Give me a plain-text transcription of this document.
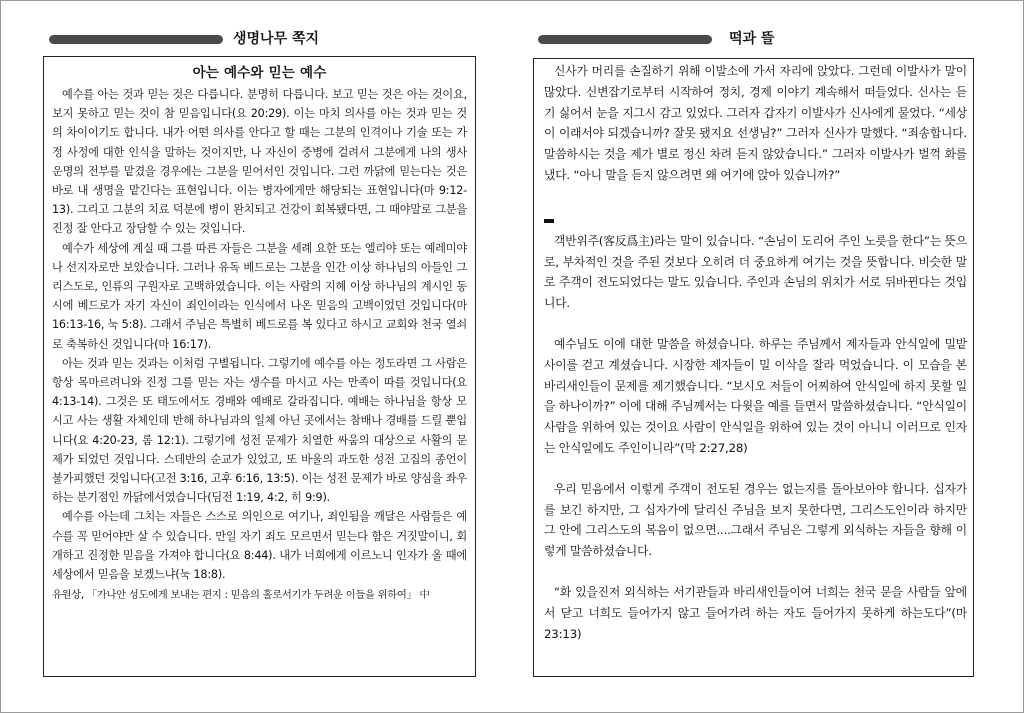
생명나무 쪽지	떡과 뜰
아는 예수와 믿는 예수

예수를 아는 것과 믿는 것은 다릅니다. 분명히 다릅니다. 보고 믿는 것은 아는 것이요, 보지 못하고 믿는 것이 참 믿음입니다(요 20:29). 이는 마치 의사를 아는 것과 믿는 것의 차이이기도 합니다. 내가 어떤 의사를 안다고 할 때는 그분의 인격이나 기술 또는 가정 사정에 대한 인식을 말하는 것이지만, 나 자신이 중병에 걸려서 그분에게 나의 생사 운명의 전부를 맡겼을 경우에는 그분을 믿어서인 것입니다. 그런 까닭에 믿는다는 것은 바로 내 생명을 맡긴다는 표현입니다. 이는 병자에게만 해당되는 표현입니다(마 9:12-13). 그리고 그분의 치료 덕분에 병이 완치되고 건강이 회복됐다면, 그 때야말로 그분을 진정 잘 안다고 장담할 수 있는 것입니다.

예수가 세상에 계실 때 그를 따른 자들은 그분을 세례 요한 또는 엘리야 또는 예레미야나 선지자로만 보았습니다. 그러나 유독 베드로는 그분을 인간 이상 하나님의 아들인 그리스도로, 인류의 구원자로 고백하였습니다. 이는 사람의 지혜 이상 하나님의 계시인 동시에 베드로가 자기 자신이 죄인이라는 인식에서 나온 믿음의 고백이었던 것입니다(마 16:13-16, 눅 5:8). 그래서 주님은 특별히 베드로를 복 있다고 하시고 교회와 천국 열쇠로 축복하신 것입니다(마 16:17).

아는 것과 믿는 것과는 이처럼 구별됩니다. 그렇기에 예수를 아는 정도라면 그 사람은 항상 목마르려니와 진정 그를 믿는 자는 생수를 마시고 사는 만족이 따를 것입니다(요 4:13-14). 그것은 또 태도에서도 경배와 예배로 갈라집니다. 예배는 하나님을 항상 모시고 사는 생활 자체인데 반해 하나님과의 일체 아닌 곳에서는 참배나 경배를 드릴 뿐입니다(요 4:20-23, 롬 12:1). 그렇기에 성전 문제가 치열한 싸움의 대상으로 사활의 문제가 되었던 것입니다. 스데반의 순교가 있었고, 또 바울의 과도한 성전 고집의 종언이 불가피했던 것입니다(고전 3:16, 고후 6:16, 13:5). 이는 성전 문제가 바로 양심을 좌우하는 분기점인 까닭에서였습니다(딤전 1:19, 4:2, 히 9:9).

예수를 아는데 그치는 자들은 스스로 의인으로 여기나, 죄인됨을 깨달은 사람들은 예수를 꼭 믿어야만 살 수 있습니다. 만일 자기 죄도 모르면서 믿는다 함은 거짓말이니, 회개하고 진정한 믿음을 가져야 합니다(요 8:44). 내가 너희에게 이르노니 인자가 올 때에 세상에서 믿음을 보겠느냐(눅 18:8).

유원상, 「가나안 성도에게 보내는 편지 : 믿음의 홀로서기가 두려운 이들을 위하여」 中

신사가 머리를 손질하기 위해 이발소에 가서 자리에 앉았다. 그런데 이발사가 말이 많았다. 신변잡기로부터 시작하여 정치, 경제 이야기 계속해서 떠들었다. 신사는 듣기 싫어서 눈을 지그시 감고 있었다. 그러자 갑자기 이발사가 신사에게 물었다. “세상이 이래서야 되겠습니까? 잘못 됐지요 선생님?” 그러자 신사가 말했다. “죄송합니다. 말씀하시는 것을 제가 별로 정신 차려 듣지 않았습니다.” 그러자 이발사가 벌꺽 화를 냈다. “아니 말을 듣지 않으려면 왜 여기에 앉아 있습니까?”

객반위주(客反爲主)라는 말이 있습니다. “손님이 도리어 주인 노릇을 한다”는 뜻으로, 부차적인 것을 주된 것보다 오히려 더 중요하게 여기는 것을 뜻합니다. 비슷한 말로 주객이 전도되었다는 말도 있습니다. 주인과 손님의 위치가 서로 뒤바뀐다는 것입니다.

예수님도 이에 대한 말씀을 하셨습니다. 하루는 주님께서 제자들과 안식일에 밀밭 사이를 걷고 계셨습니다. 시장한 제자들이 밀 이삭을 잘라 먹었습니다. 이 모습을 본 바리새인들이 문제를 제기했습니다. “보시오 저들이 어찌하여 안식일에 하지 못할 일을 하나이까?” 이에 대해 주님께서는 다윗을 예를 들면서 말씀하셨습니다. “안식일이 사람을 위하여 있는 것이요 사람이 안식일을 위하여 있는 것이 아니니 이러므로 인자는 안식일에도 주인이니라”(막 2:27,28)

우리 믿음에서 이렇게 주객이 전도된 경우는 없는지를 돌아보아야 합니다. 십자가를 보긴 하지만, 그 십자가에 달리신 주님을 보지 못한다면, 그리스도인이라 하지만 그 안에 그리스도의 복음이 없으면....그래서 주님은 그렇게 외식하는 자들을 향해 이렇게 말씀하셨습니다.

“화 있을진저 외식하는 서기관들과 바리새인들이여 너희는 천국 문을 사람들 앞에서 닫고 너희도 들어가지 않고 들어가려 하는 자도 들어가지 못하게 하는도다”(마23:13)
